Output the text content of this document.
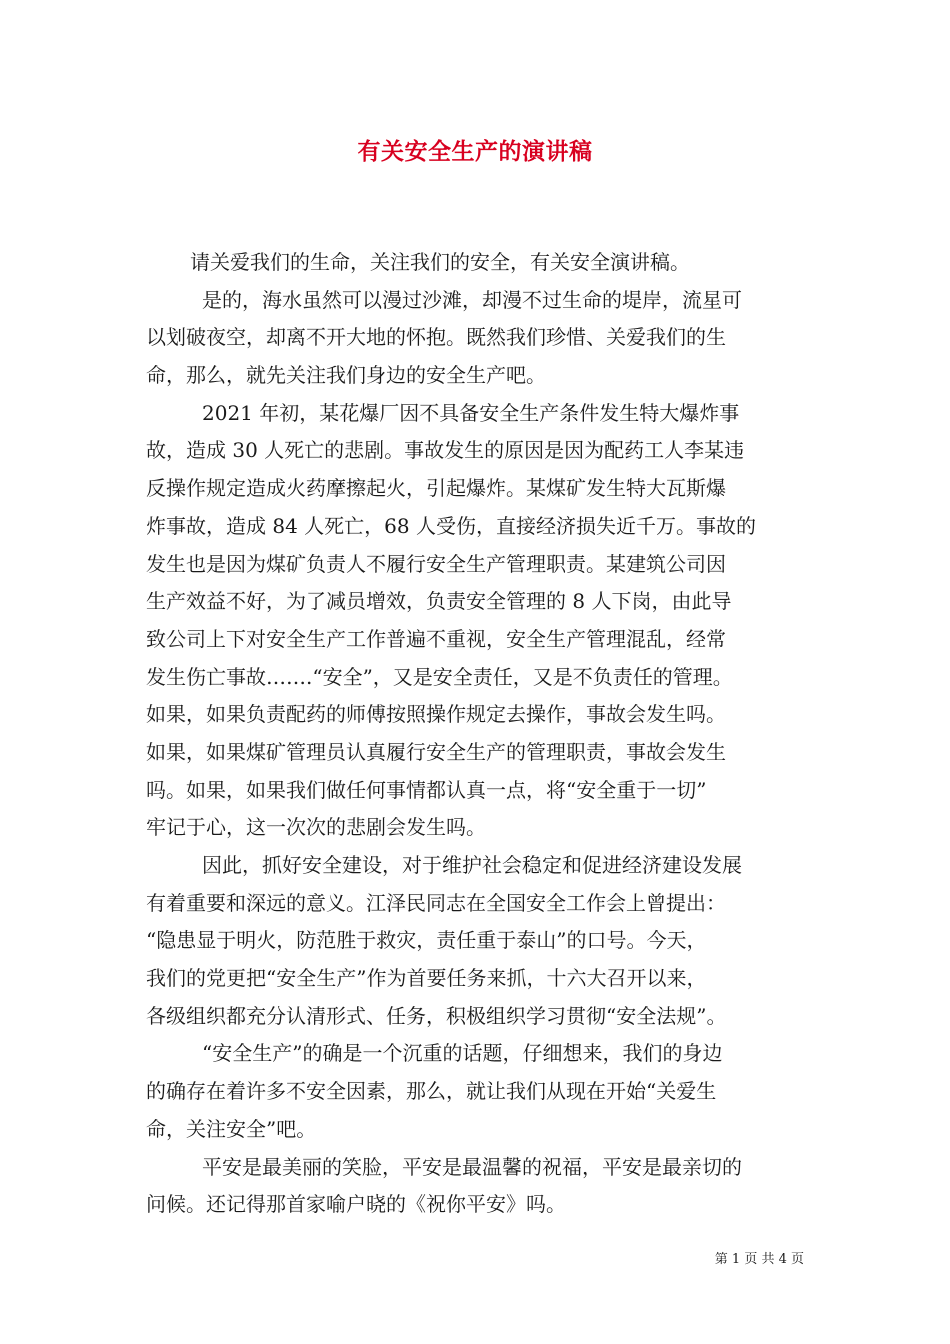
有关安全生产的演讲稿
请关爱我们的生命，关注我们的安全，有关安全演讲稿。
是的，海水虽然可以漫过沙滩，却漫不过生命的堤岸，流星可
以划破夜空，却离不开大地的怀抱。既然我们珍惜、关爱我们的生
命，那么，就先关注我们身边的安全生产吧。
2021 年初，某花爆厂因不具备安全生产条件发生特大爆炸事
故，造成 30 人死亡的悲剧。事故发生的原因是因为配药工人李某违
反操作规定造成火药摩擦起火，引起爆炸。某煤矿发生特大瓦斯爆
炸事故，造成 84 人死亡，68 人受伤，直接经济损失近千万。事故的
发生也是因为煤矿负责人不履行安全生产管理职责。某建筑公司因
生产效益不好，为了减员增效，负责安全管理的 8 人下岗，由此导
致公司上下对安全生产工作普遍不重视，安全生产管理混乱，经常
发生伤亡事故…….“安全”，又是安全责任，又是不负责任的管理。
如果，如果负责配药的师傅按照操作规定去操作，事故会发生吗。
如果，如果煤矿管理员认真履行安全生产的管理职责，事故会发生
吗。如果，如果我们做任何事情都认真一点，将“安全重于一切”
牢记于心，这一次次的悲剧会发生吗。
因此，抓好安全建设，对于维护社会稳定和促进经济建设发展
有着重要和深远的意义。江泽民同志在全国安全工作会上曾提出：
“隐患显于明火，防范胜于救灾，责任重于泰山”的口号。今天，
我们的党更把“安全生产”作为首要任务来抓，十六大召开以来，
各级组织都充分认清形式、任务，积极组织学习贯彻“安全法规”。
“安全生产”的确是一个沉重的话题，仔细想来，我们的身边
的确存在着许多不安全因素，那么，就让我们从现在开始“关爱生
命，关注安全”吧。
平安是最美丽的笑脸，平安是最温馨的祝福，平安是最亲切的
问候。还记得那首家喻户晓的《祝你平安》吗。
第 1 页 共 4 页
